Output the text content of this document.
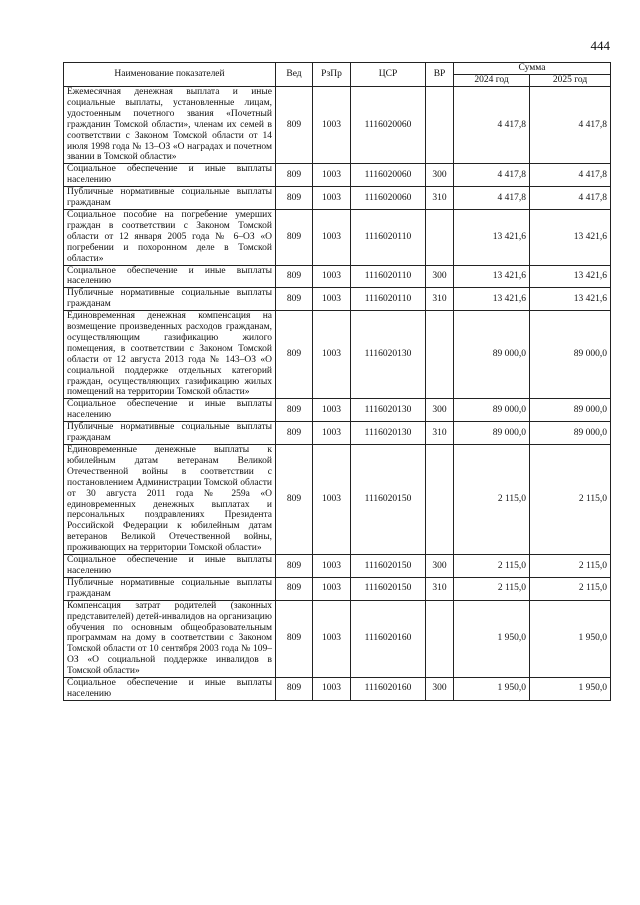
444
Наименование показателей	Вед	РзПр	ЦСР	ВР	Сумма	
					2024 год	2025 год
Ежемесячная денежная выплата и иные социальные выплаты, установленные лицам, удостоенным почетного звания «Почетный гражданин Томской области», членам их семей в соответствии с Законом Томской области от 14 июля 1998 года № 13–ОЗ «О наградах и почетном звании в Томской области»	809	1003	1116020060		4 417,8	4 417,8
Социальное обеспечение и иные выплаты населению	809	1003	1116020060	300	4 417,8	4 417,8
Публичные нормативные социальные выплаты гражданам	809	1003	1116020060	310	4 417,8	4 417,8
Социальное пособие на погребение умерших граждан в соответствии с Законом Томской области от 12 января 2005 года № 6–ОЗ «О погребении и похоронном деле в Томской области»	809	1003	1116020110		13 421,6	13 421,6
Социальное обеспечение и иные выплаты населению	809	1003	1116020110	300	13 421,6	13 421,6
Публичные нормативные социальные выплаты гражданам	809	1003	1116020110	310	13 421,6	13 421,6
Единовременная денежная компенсация на возмещение произведенных расходов гражданам, осуществляющим газификацию жилого помещения, в соответствии с Законом Томской области от 12 августа 2013 года № 143–ОЗ «О социальной поддержке отдельных категорий граждан, осуществляющих газификацию жилых помещений на территории Томской области»	809	1003	1116020130		89 000,0	89 000,0
Социальное обеспечение и иные выплаты населению	809	1003	1116020130	300	89 000,0	89 000,0
Публичные нормативные социальные выплаты гражданам	809	1003	1116020130	310	89 000,0	89 000,0
Единовременные денежные выплаты к юбилейным датам ветеранам Великой Отечественной войны в соответствии с постановлением Администрации Томской области от 30 августа 2011 года № 259а «О единовременных денежных выплатах и персональных поздравлениях Президента Российской Федерации к юбилейным датам ветеранов Великой Отечественной войны, проживающих на территории Томской области»	809	1003	1116020150		2 115,0	2 115,0
Социальное обеспечение и иные выплаты населению	809	1003	1116020150	300	2 115,0	2 115,0
Публичные нормативные социальные выплаты гражданам	809	1003	1116020150	310	2 115,0	2 115,0
Компенсация затрат родителей (законных представителей) детей-инвалидов на организацию обучения по основным общеобразовательным программам на дому в соответствии с Законом Томской области от 10 сентября 2003 года № 109–ОЗ «О социальной поддержке инвалидов в Томской области»	809	1003	1116020160		1 950,0	1 950,0
Социальное обеспечение и иные выплаты населению	809	1003	1116020160	300	1 950,0	1 950,0
